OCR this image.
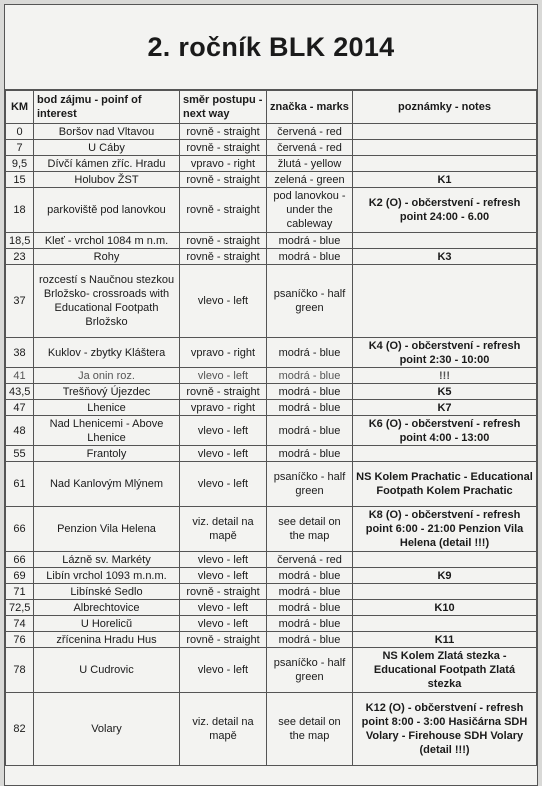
2. ročník BLK 2014
KM	bod zájmu - poinf of interest	směr postupu - next way	značka - marks	poznámky - notes
0	Boršov nad Vltavou	rovně - straight	červená - red	
7	U Cáby	rovně - straight	červená - red	
9,5	Dívčí kámen zříc. Hradu	vpravo - right	žlutá - yellow	
15	Holubov ŽST	rovně - straight	zelená - green	K1
18	parkoviště pod lanovkou	rovně - straight	pod lanovkou - under the cableway	K2 (O) - občerstvení - refresh point 24:00 - 6.00
18,5	Kleť - vrchol 1084 m n.m.	rovně - straight	modrá - blue	
23	Rohy	rovně - straight	modrá - blue	K3
37	rozcestí s Naučnou stezkou Brložsko- crossroads with Educational Footpath Brložsko	vlevo - left	psaníčko - half green	
38	Kuklov - zbytky Kláštera	vpravo - right	modrá - blue	K4 (O) - občerstvení - refresh point 2:30 - 10:00
41	Ja onin roz.	vlevo - left	modrá - blue	!!!
43,5	Trešňový Újezdec	rovně - straight	modrá - blue	K5
47	Lhenice	vpravo - right	modrá - blue	K7
48	Nad Lhenicemi - Above Lhenice	vlevo - left	modrá - blue	K6 (O) - občerstvení - refresh point 4:00 - 13:00
55	Frantoly	vlevo - left	modrá - blue	
61	Nad Kanlovým Mlýnem	vlevo - left	psaníčko - half green	NS Kolem Prachatic - Educational Footpath Kolem Prachatic
66	Penzion Vila Helena	viz. detail na mapě	see detail on the map	K8 (O) - občerstvení - refresh point 6:00 - 21:00 Penzion Vila Helena (detail !!!)
66	Lázně sv. Markéty	vlevo - left	červená - red	
69	Libín vrchol 1093 m.n.m.	vlevo - left	modrá - blue	K9
71	Libínské Sedlo	rovně - straight	modrá - blue	
72,5	Albrechtovice	vlevo - left	modrá - blue	K10
74	U Horelicŭ	vlevo - left	modrá - blue	
76	zřícenina Hradu Hus	rovně - straight	modrá - blue	K11
78	U Cudrovic	vlevo - left	psaníčko - half green	NS Kolem Zlatá stezka - Educational Footpath Zlatá stezka
82	Volary	viz. detail na mapě	see detail on the map	K12 (O) - občerstvení - refresh point 8:00 - 3:00 Hasičárna SDH Volary - Firehouse SDH Volary (detail !!!)
